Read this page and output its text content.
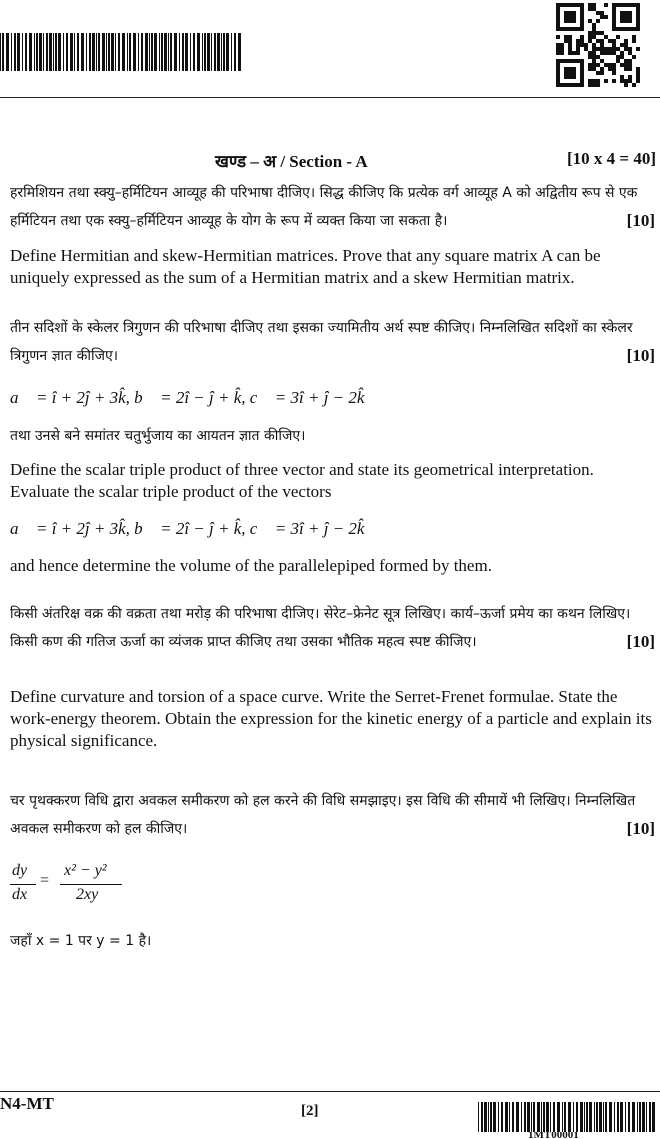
खण्ड – अ / Section - A	[10 x 4 = 40]
हरमिशियन तथा स्क्यु–हर्मिटियन आव्यूह की परिभाषा दीजिए। सिद्ध कीजिए कि प्रत्येक वर्ग आव्यूह A को अद्वितीय रूप से एक हर्मिटियन तथा एक स्क्यु–हर्मिटियन आव्यूह के योग के रूप में व्यक्त किया जा सकता है।	[10]
Define Hermitian and skew-Hermitian matrices. Prove that any square matrix A can be uniquely expressed as the sum of a Hermitian matrix and a skew Hermitian matrix.
तीन सदिशों के स्केलर त्रिगुणन की परिभाषा दीजिए तथा इसका ज्यामितीय अर्थ स्पष्ट कीजिए। निम्नलिखित सदिशों का स्केलर त्रिगुणन ज्ञात कीजिए।	[10]
a⃗ = î + 2ĵ + 3k̂, b⃗ = 2î − ĵ + k̂, c⃗ = 3î + ĵ − 2k̂
तथा उनसे बने समांतर चतुर्भुजाय का आयतन ज्ञात कीजिए।
Define the scalar triple product of three vector and state its geometrical interpretation. Evaluate the scalar triple product of the vectors
a⃗ = î + 2ĵ + 3k̂, b⃗ = 2î − ĵ + k̂, c⃗ = 3î + ĵ − 2k̂
and hence determine the volume of the parallelepiped formed by them.
किसी अंतरिक्ष वक्र की वक्रता तथा मरोड़ की परिभाषा दीजिए। सेरेट–फ्रेनेट सूत्र लिखिए। कार्य–ऊर्जा प्रमेय का कथन लिखिए। किसी कण की गतिज ऊर्जा का व्यंजक प्राप्त कीजिए तथा उसका भौतिक महत्व स्पष्ट कीजिए।	[10]
Define curvature and torsion of a space curve. Write the Serret-Frenet formulae. State the work-energy theorem. Obtain the expression for the kinetic energy of a particle and explain its physical significance.
चर पृथक्करण विधि द्वारा अवकल समीकरण को हल करने की विधि समझाइए। इस विधि की सीमायें भी लिखिए। निम्नलिखित अवकल समीकरण को हल कीजिए।	[10]
dy
dx
=
x² − y²
2xy
जहाँ x = 1 पर y = 1 है।
N4-MT	[2]
1MT00001
